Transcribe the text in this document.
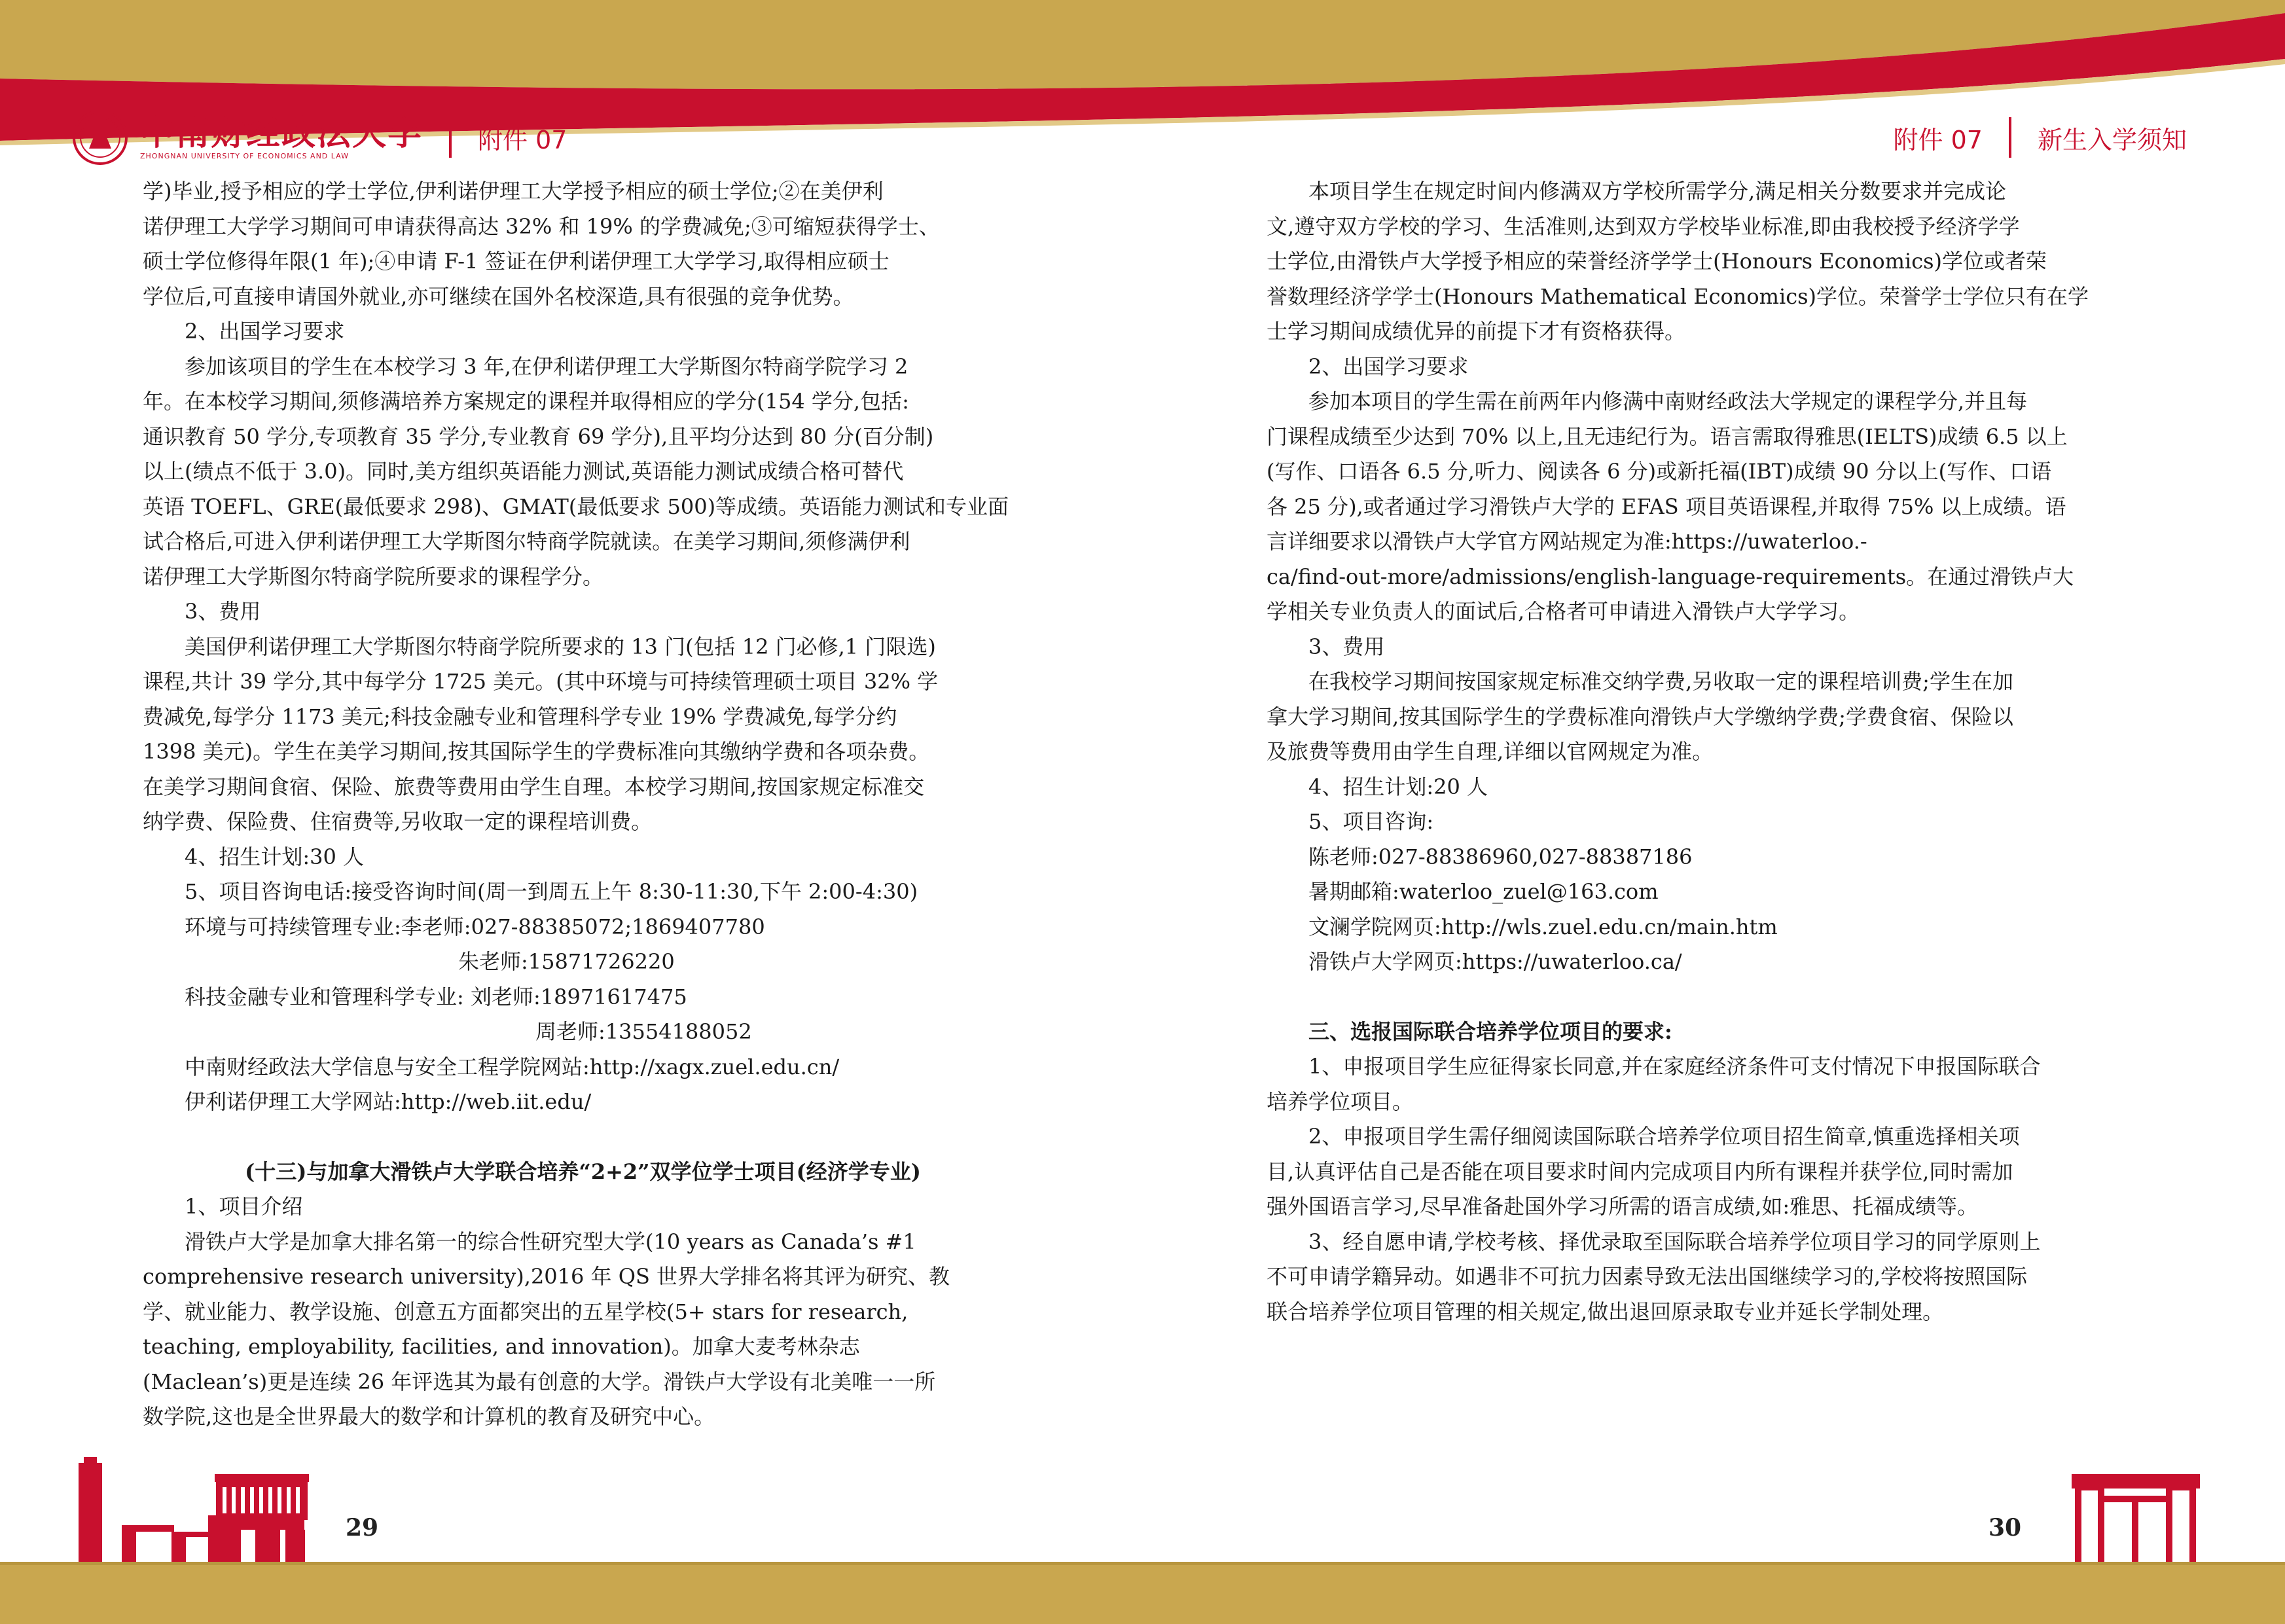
中南财经政法大学
ZHONGNAN UNIVERSITY OF ECONOMICS AND LAW
附件 07	附件 07 新生入学须知

学)毕业,授予相应的学士学位,伊利诺伊理工大学授予相应的硕士学位;②在美伊利

诺伊理工大学学习期间可申请获得高达 32% 和 19% 的学费减免;③可缩短获得学士、

硕士学位修得年限(1 年);④申请 F-1 签证在伊利诺伊理工大学学习,取得相应硕士

学位后,可直接申请国外就业,亦可继续在国外名校深造,具有很强的竞争优势。

2、出国学习要求

参加该项目的学生在本校学习 3 年,在伊利诺伊理工大学斯图尔特商学院学习 2

年。在本校学习期间,须修满培养方案规定的课程并取得相应的学分(154 学分,包括:

通识教育 50 学分,专项教育 35 学分,专业教育 69 学分),且平均分达到 80 分(百分制)

以上(绩点不低于 3.0)。同时,美方组织英语能力测试,英语能力测试成绩合格可替代

英语 TOEFL、GRE(最低要求 298)、GMAT(最低要求 500)等成绩。英语能力测试和专业面

试合格后,可进入伊利诺伊理工大学斯图尔特商学院就读。在美学习期间,须修满伊利

诺伊理工大学斯图尔特商学院所要求的课程学分。

3、费用

美国伊利诺伊理工大学斯图尔特商学院所要求的 13 门(包括 12 门必修,1 门限选)

课程,共计 39 学分,其中每学分 1725 美元。(其中环境与可持续管理硕士项目 32% 学

费减免,每学分 1173 美元;科技金融专业和管理科学专业 19% 学费减免,每学分约

1398 美元)。学生在美学习期间,按其国际学生的学费标准向其缴纳学费和各项杂费。

在美学习期间食宿、保险、旅费等费用由学生自理。本校学习期间,按国家规定标准交

纳学费、保险费、住宿费等,另收取一定的课程培训费。

4、招生计划:30 人

5、项目咨询电话:接受咨询时间(周一到周五上午 8:30-11:30,下午 2:00-4:30)

环境与可持续管理专业:李老师:027-88385072;1869407780

朱老师:15871726220

科技金融专业和管理科学专业: 刘老师:18971617475

周老师:13554188052

中南财经政法大学信息与安全工程学院网站:http://xagx.zuel.edu.cn/

伊利诺伊理工大学网站:http://web.iit.edu/

(十三)与加拿大滑铁卢大学联合培养“2+2”双学位学士项目(经济学专业)

1、项目介绍

滑铁卢大学是加拿大排名第一的综合性研究型大学(10 years as Canada’s #1

comprehensive research university),2016 年 QS 世界大学排名将其评为研究、教

学、就业能力、教学设施、创意五方面都突出的五星学校(5+ stars for research,

teaching, employability, facilities, and innovation)。加拿大麦考林杂志

(Maclean’s)更是连续 26 年评选其为最有创意的大学。滑铁卢大学设有北美唯一一所

数学院,这也是全世界最大的数学和计算机的教育及研究中心。

本项目学生在规定时间内修满双方学校所需学分,满足相关分数要求并完成论

文,遵守双方学校的学习、生活准则,达到双方学校毕业标准,即由我校授予经济学学

士学位,由滑铁卢大学授予相应的荣誉经济学学士(Honours Economics)学位或者荣

誉数理经济学学士(Honours Mathematical Economics)学位。荣誉学士学位只有在学

士学习期间成绩优异的前提下才有资格获得。

2、出国学习要求

参加本项目的学生需在前两年内修满中南财经政法大学规定的课程学分,并且每

门课程成绩至少达到 70% 以上,且无违纪行为。语言需取得雅思(IELTS)成绩 6.5 以上

(写作、口语各 6.5 分,听力、阅读各 6 分)或新托福(IBT)成绩 90 分以上(写作、口语

各 25 分),或者通过学习滑铁卢大学的 EFAS 项目英语课程,并取得 75% 以上成绩。语

言详细要求以滑铁卢大学官方网站规定为准:https://uwaterloo.-

ca/find-out-more/admissions/english-language-requirements。在通过滑铁卢大

学相关专业负责人的面试后,合格者可申请进入滑铁卢大学学习。

3、费用

在我校学习期间按国家规定标准交纳学费,另收取一定的课程培训费;学生在加

拿大学习期间,按其国际学生的学费标准向滑铁卢大学缴纳学费;学费食宿、保险以

及旅费等费用由学生自理,详细以官网规定为准。

4、招生计划:20 人

5、项目咨询:

陈老师:027-88386960,027-88387186

暑期邮箱:waterloo_zuel@163.com

文澜学院网页:http://wls.zuel.edu.cn/main.htm

滑铁卢大学网页:https://uwaterloo.ca/

三、选报国际联合培养学位项目的要求:

1、申报项目学生应征得家长同意,并在家庭经济条件可支付情况下申报国际联合

培养学位项目。

2、申报项目学生需仔细阅读国际联合培养学位项目招生简章,慎重选择相关项

目,认真评估自己是否能在项目要求时间内完成项目内所有课程并获学位,同时需加

强外国语言学习,尽早准备赴国外学习所需的语言成绩,如:雅思、托福成绩等。

3、经自愿申请,学校考核、择优录取至国际联合培养学位项目学习的同学原则上

不可申请学籍异动。如遇非不可抗力因素导致无法出国继续学习的,学校将按照国际

联合培养学位项目管理的相关规定,做出退回原录取专业并延长学制处理。

29	30
